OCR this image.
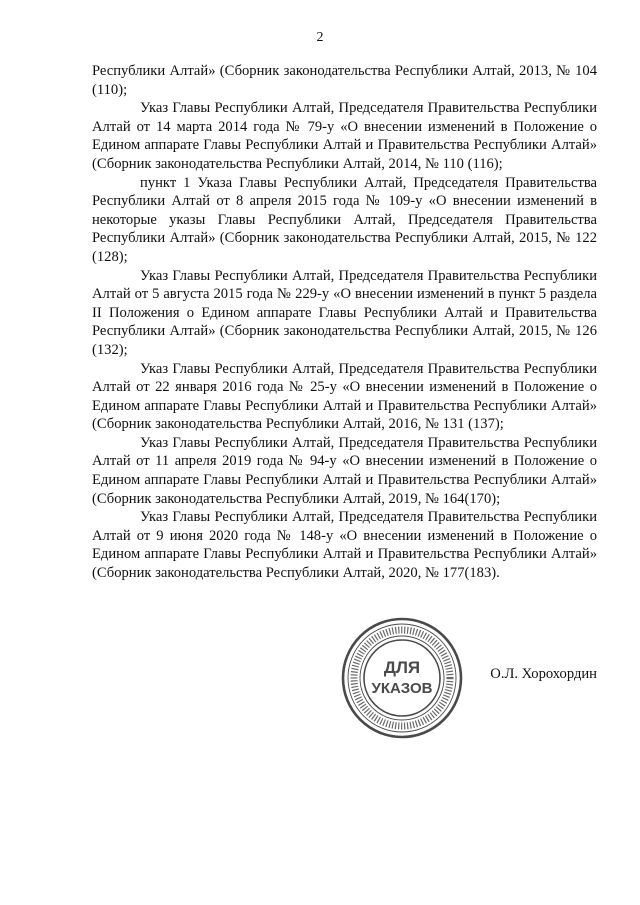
2

Республики Алтай» (Сборник законодательства Республики Алтай, 2013, № 104 (110);

Указ Главы Республики Алтай, Председателя Правительства Республики Алтай от 14 марта 2014 года № 79-у «О внесении изменений в Положение о Едином аппарате Главы Республики Алтай и Правительства Республики Алтай» (Сборник законодательства Республики Алтай, 2014, № 110 (116);

пункт 1 Указа Главы Республики Алтай, Председателя Правительства Республики Алтай от 8 апреля 2015 года № 109-у «О внесении изменений в некоторые указы Главы Республики Алтай, Председателя Правительства Республики Алтай» (Сборник законодательства Республики Алтай, 2015, № 122 (128);

Указ Главы Республики Алтай, Председателя Правительства Республики Алтай от 5 августа 2015 года № 229-у «О внесении изменений в пункт 5 раздела II Положения о Едином аппарате Главы Республики Алтай и Правительства Республики Алтай» (Сборник законодательства Республики Алтай, 2015, № 126 (132);

Указ Главы Республики Алтай, Председателя Правительства Республики Алтай от 22 января 2016 года № 25-у «О внесении изменений в Положение о Едином аппарате Главы Республики Алтай и Правительства Республики Алтай» (Сборник законодательства Республики Алтай, 2016, № 131 (137);

Указ Главы Республики Алтай, Председателя Правительства Республики Алтай от 11 апреля 2019 года № 94-у «О внесении изменений в Положение о Едином аппарате Главы Республики Алтай и Правительства Республики Алтай» (Сборник законодательства Республики Алтай, 2019, № 164(170);

Указ Главы Республики Алтай, Председателя Правительства Республики Алтай от 9 июня 2020 года № 148-у «О внесении изменений в Положение о Едином аппарате Главы Республики Алтай и Правительства Республики Алтай» (Сборник законодательства Республики Алтай, 2020, № 177(183).

ДЛЯ
УКАЗОВ
О.Л. Хорохордин
